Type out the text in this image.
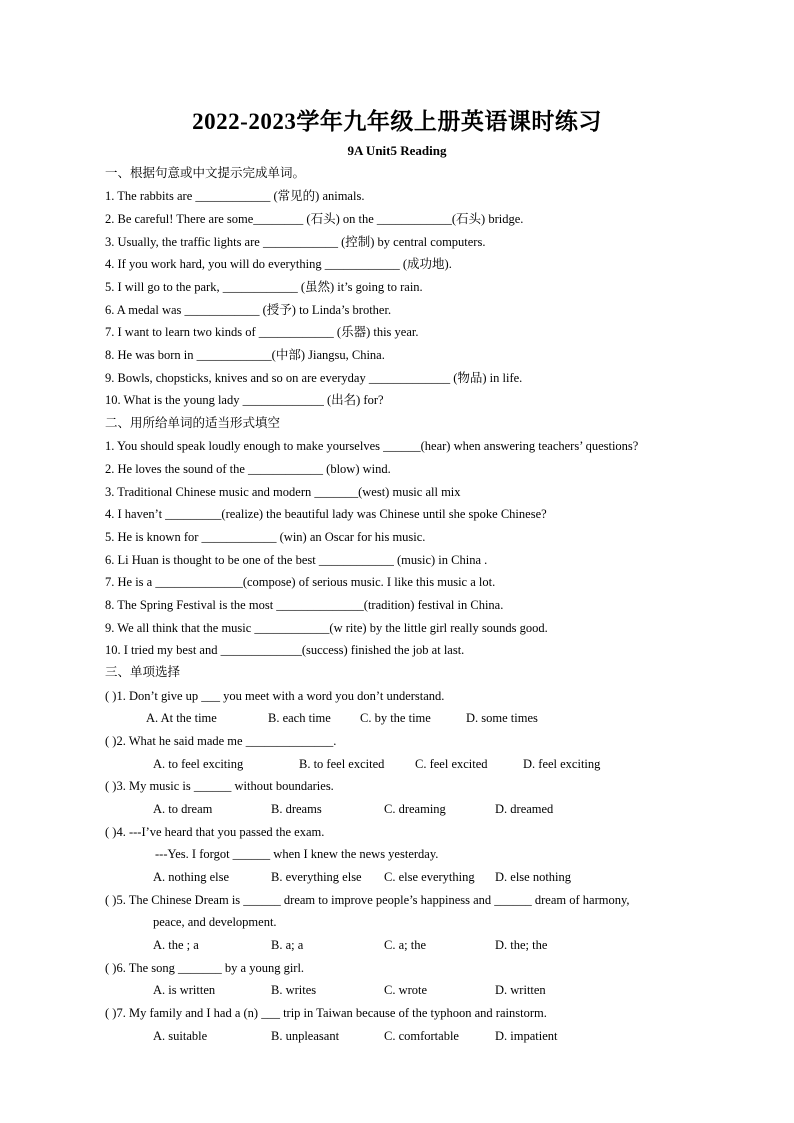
2022-2023学年九年级上册英语课时练习
9A Unit5 Reading
一、根据句意或中文提示完成单词。
1. The rabbits are ____________ (常见的) animals.
2. Be careful! There are some________ (石头) on the ____________(石头) bridge.
3. Usually, the traffic lights are ____________ (控制) by central computers.
4. If you work hard, you will do everything ____________ (成功地).
5. I will go to the park, ____________ (虽然) it’s going to rain.
6. A medal was ____________ (授予) to Linda’s brother.
7. I want to learn two kinds of ____________ (乐器) this year.
8. He was born in ____________(中部) Jiangsu, China.
9. Bowls, chopsticks, knives and so on are everyday _____________ (物品) in life.
10. What is the young lady _____________ (出名) for?
二、用所给单词的适当形式填空
1. You should speak loudly enough to make yourselves ______(hear) when answering teachers’ questions?
2. He loves the sound of the ____________ (blow) wind.
3. Traditional Chinese music and modern _______(west) music all mix
4. I haven’t _________(realize) the beautiful lady was Chinese until she spoke Chinese?
5. He is known for ____________ (win) an Oscar for his music.
6. Li Huan is thought to be one of the best ____________ (music) in China .
7. He is a ______________(compose) of serious music. I like this music a lot.
8. The Spring Festival is the most ______________(tradition) festival in China.
9. We all think that the music ____________(w rite) by the little girl really sounds good.
10. I tried my best and _____________(success) finished the job at last.
三、单项选择
( )1. Don’t give up ___ you meet with a word you don’t understand.
A. At the time	B. each time C. by the time	D. some times
( )2. What he said made me ______________.
A. to feel exciting	B. to feel excited C. feel excited	D. feel exciting
( )3. My music is ______ without boundaries.
A. to dream	B. dreams	C. dreaming	D. dreamed
( )4. ---I’ve heard that you passed the exam.
---Yes. I forgot ______ when I knew the news yesterday.
A. nothing else	B. everything else C. else everything D. else nothing
( )5. The Chinese Dream is ______ dream to improve people’s happiness and ______ dream of harmony,
peace, and development.
A. the ; a	B. a; a	C. a; the	D. the; the
( )6. The song _______ by a young girl.
A. is written	B. writes	C. wrote	D. written
( )7. My family and I had a (n) ___ trip in Taiwan because of the typhoon and rainstorm.
A. suitable	B. unpleasant	C. comfortable	D. impatient
